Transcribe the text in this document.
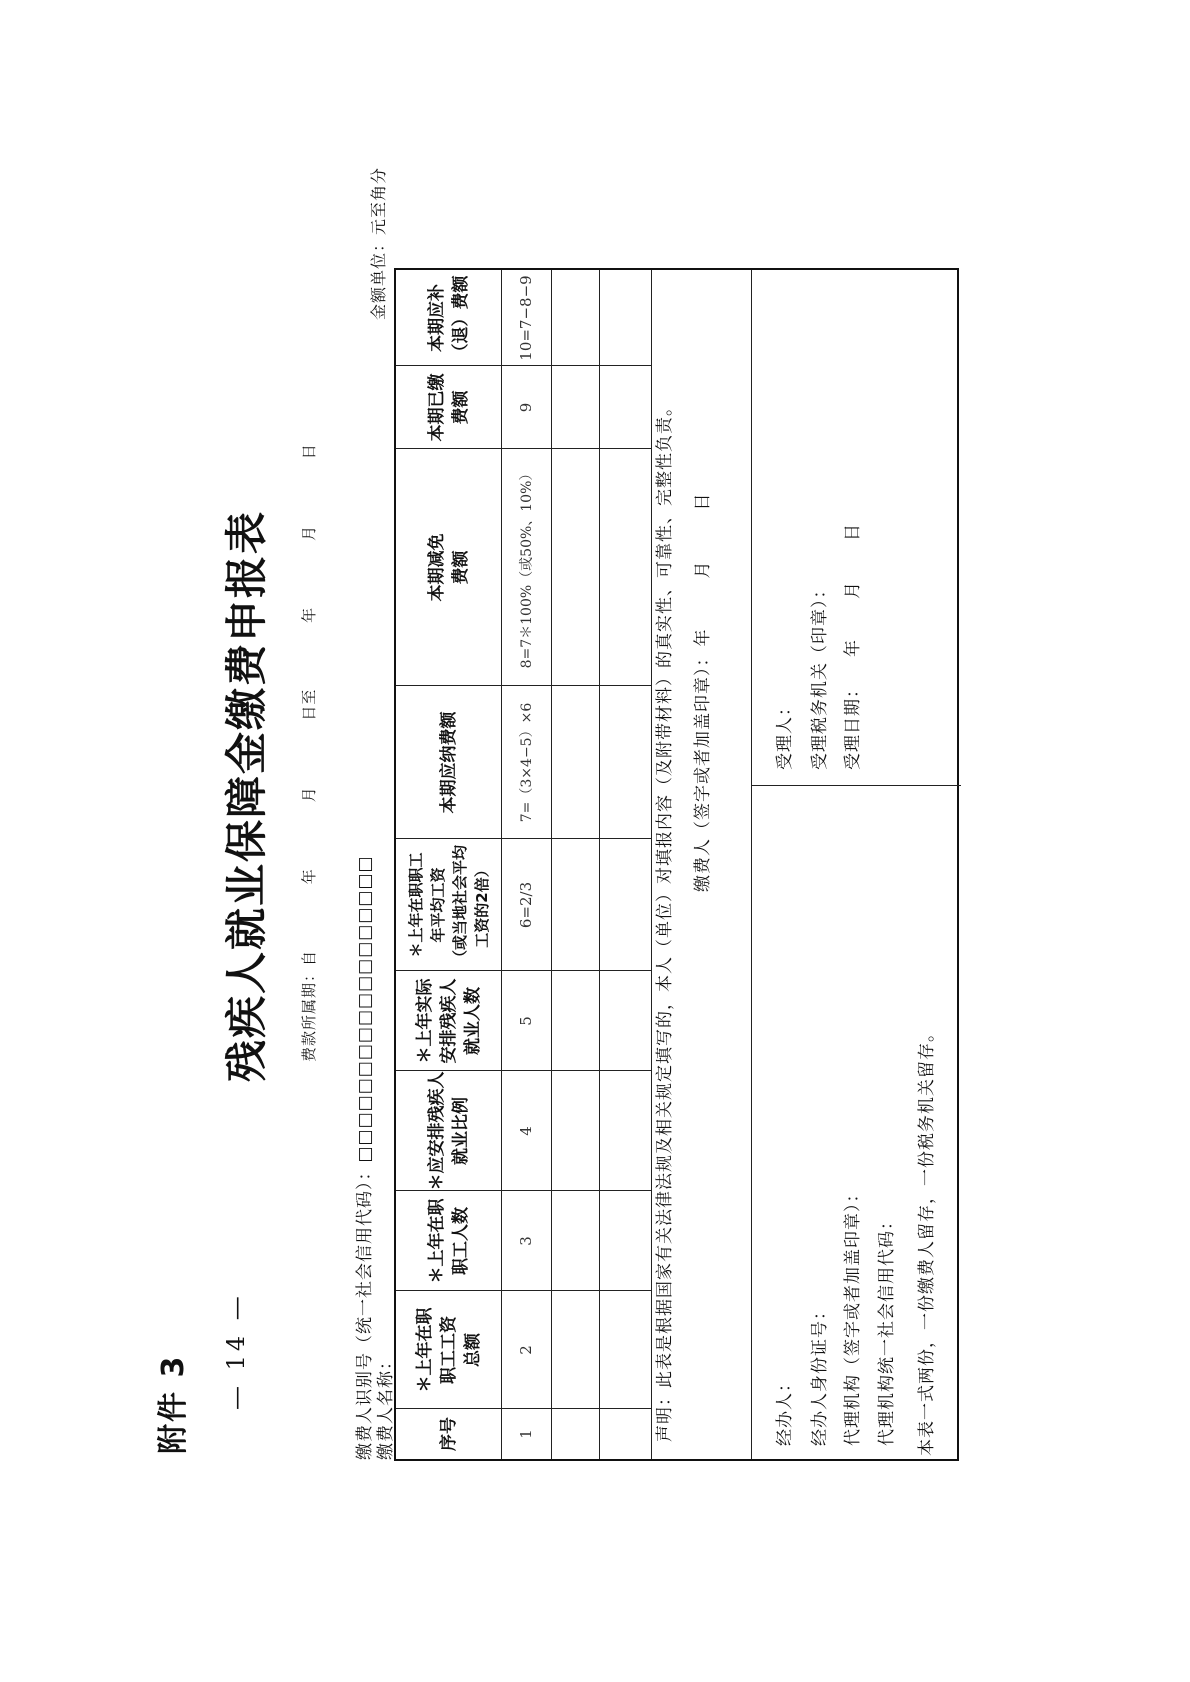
附件 3 — 14 —
残疾人就业保障金缴费申报表 费款所属期：自 年 月 日至 年 月 日
缴费人识别号（统一社会信用代码）：□□□□□□□□□□□□□□□□□□
缴费人名称：
金额单位：元至角分
序号
＊上年在职
职工工资
总额
＊上年在职
职工人数
＊应安排残疾人
就业比例
＊上年实际
安排残疾人
就业人数
＊上年在职职工
年平均工资
（或当地社会平均
工资的2倍）
本期应纳费额
本期减免
费额
本期已缴
费额
本期应补
（退）费额
1
2
3
4
5
6=2/3
7=（3×4−5）×6
8=7＊100%（或50%、10%）
9
10=7−8−9
声明：此表是根据国家有关法律法规及相关规定填写的，本人（单位）对填报内容（及附带材料）的真实性、可靠性、完整性负责。 缴费人（签字或者加盖印章）：
年月日
经办人： 经办人身份证号： 代理机构（签字或者加盖印章）： 代理机构统一社会信用代码：
受理人： 受理税务机关（印章）： 受理日期：
年月日
本表一式两份，一份缴费人留存，一份税务机关留存。
